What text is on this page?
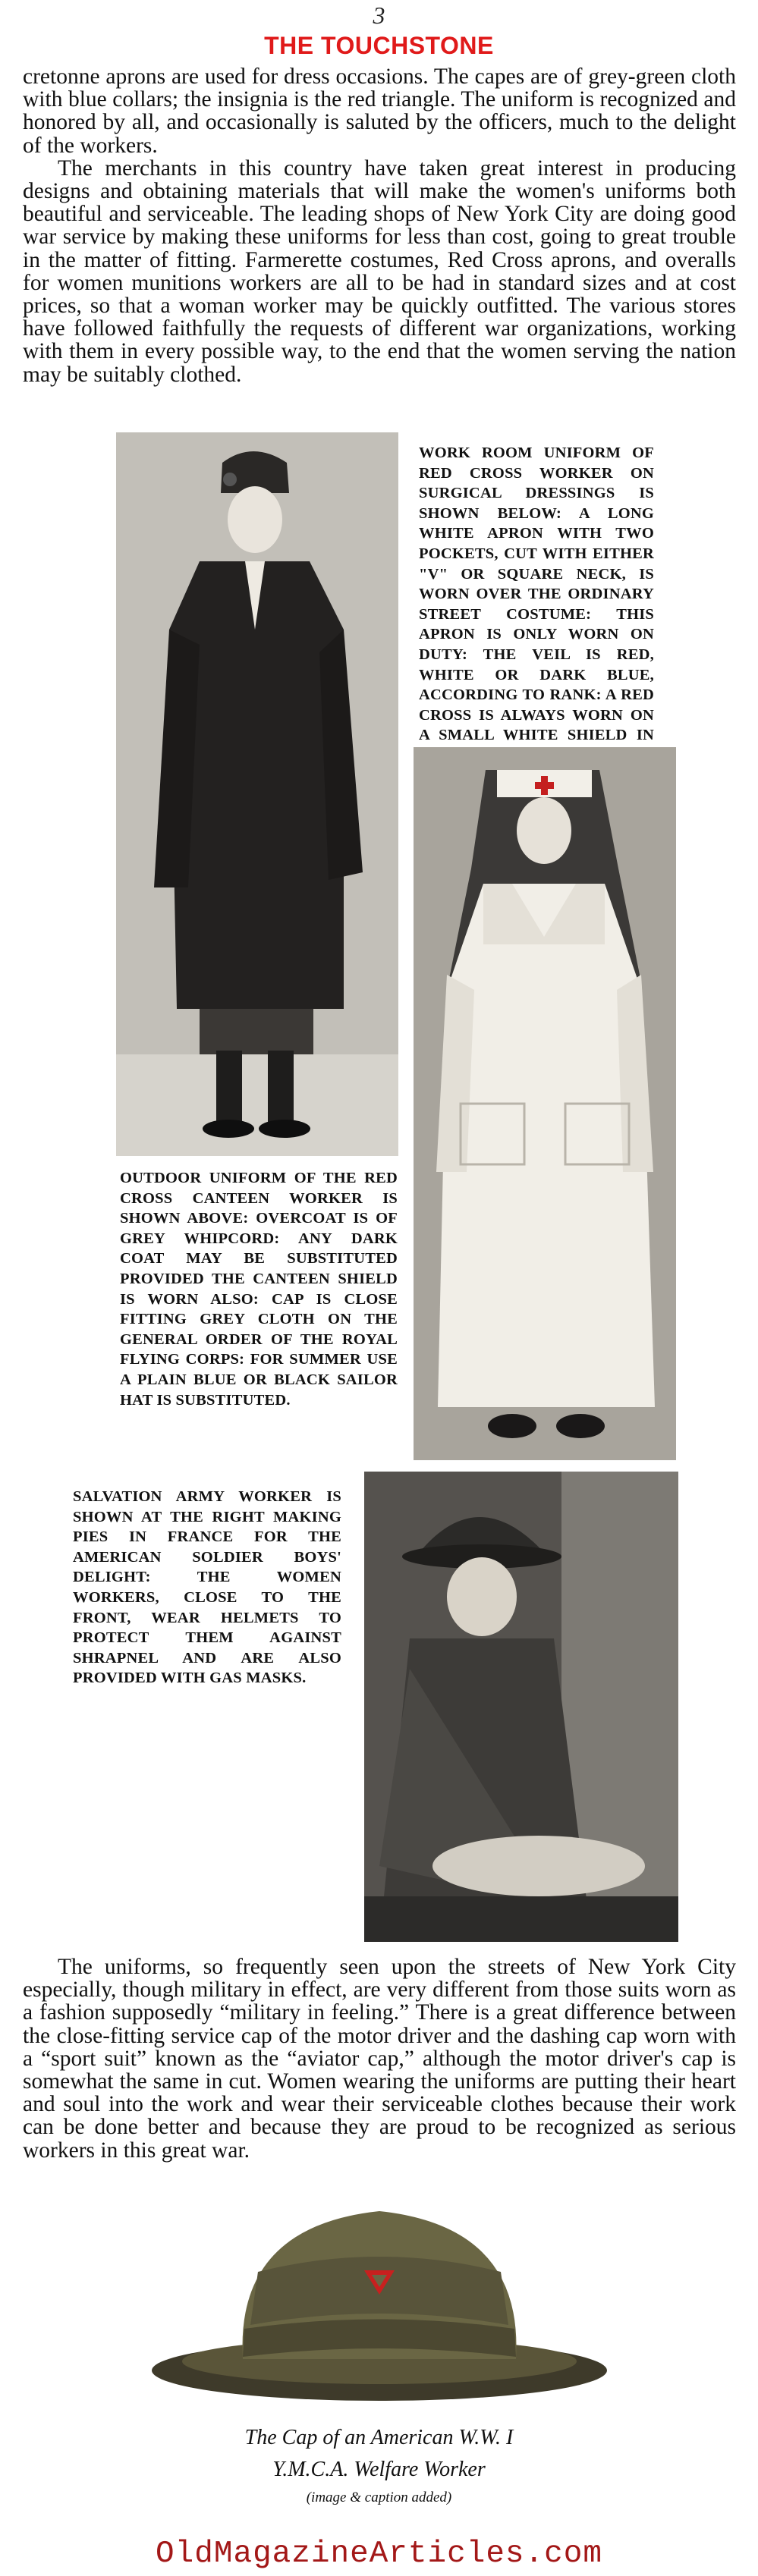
3
THE TOUCHSTONE

cretonne aprons are used for dress occasions. The capes are of grey-green cloth with blue collars; the insignia is the red triangle. The uniform is recognized and honored by all, and occasionally is saluted by the officers, much to the delight of the workers.

The merchants in this country have taken great interest in producing designs and obtaining materials that will make the women's uniforms both beautiful and serviceable. The leading shops of New York City are doing good war service by making these uniforms for less than cost, going to great trouble in the matter of fitting. Farmerette costumes, Red Cross aprons, and overalls for women munitions workers are all to be had in standard sizes and at cost prices, so that a woman worker may be quickly outfitted. The various stores have followed faithfully the requests of different war organizations, working with them in every possible way, to the end that the women serving the nation may be suitably clothed.

WORK ROOM UNIFORM OF RED CROSS WORKER ON SURGICAL DRESSINGS IS SHOWN BELOW: A LONG WHITE APRON WITH TWO POCKETS, CUT WITH EITHER "V" OR SQUARE NECK, IS WORN OVER THE ORDINARY STREET COSTUME: THIS APRON IS ONLY WORN ON DUTY: THE VEIL IS RED, WHITE OR DARK BLUE, ACCORDING TO RANK: A RED CROSS IS ALWAYS WORN ON A SMALL WHITE SHIELD IN
OUTDOOR UNIFORM OF THE RED CROSS CANTEEN WORKER IS SHOWN ABOVE: OVERCOAT IS OF GREY WHIPCORD: ANY DARK COAT MAY BE SUBSTITUTED PROVIDED THE CANTEEN SHIELD IS WORN ALSO: CAP IS CLOSE FITTING GREY CLOTH ON THE GENERAL ORDER OF THE ROYAL FLYING CORPS: FOR SUMMER USE A PLAIN BLUE OR BLACK SAILOR HAT IS SUBSTITUTED.
SALVATION ARMY WORKER IS SHOWN AT THE RIGHT MAKING PIES IN FRANCE FOR THE AMERICAN SOLDIER BOYS' DELIGHT: THE WOMEN WORKERS, CLOSE TO THE FRONT, WEAR HELMETS TO PROTECT THEM AGAINST SHRAPNEL AND ARE ALSO PROVIDED WITH GAS MASKS.

The uniforms, so frequently seen upon the streets of New York City especially, though military in effect, are very different from those suits worn as a fashion supposedly “military in feeling.” There is a great difference between the close-fitting service cap of the motor driver and the dashing cap worn with a “sport suit” known as the “aviator cap,” although the motor driver's cap is somewhat the same in cut. Women wearing the uniforms are putting their heart and soul into the work and wear their serviceable clothes because their work can be done better and because they are proud to be recognized as serious workers in this great war.

The Cap of an American W.W. I
Y.M.C.A. Welfare Worker
(image & caption added)
OldMagazineArticles.com
